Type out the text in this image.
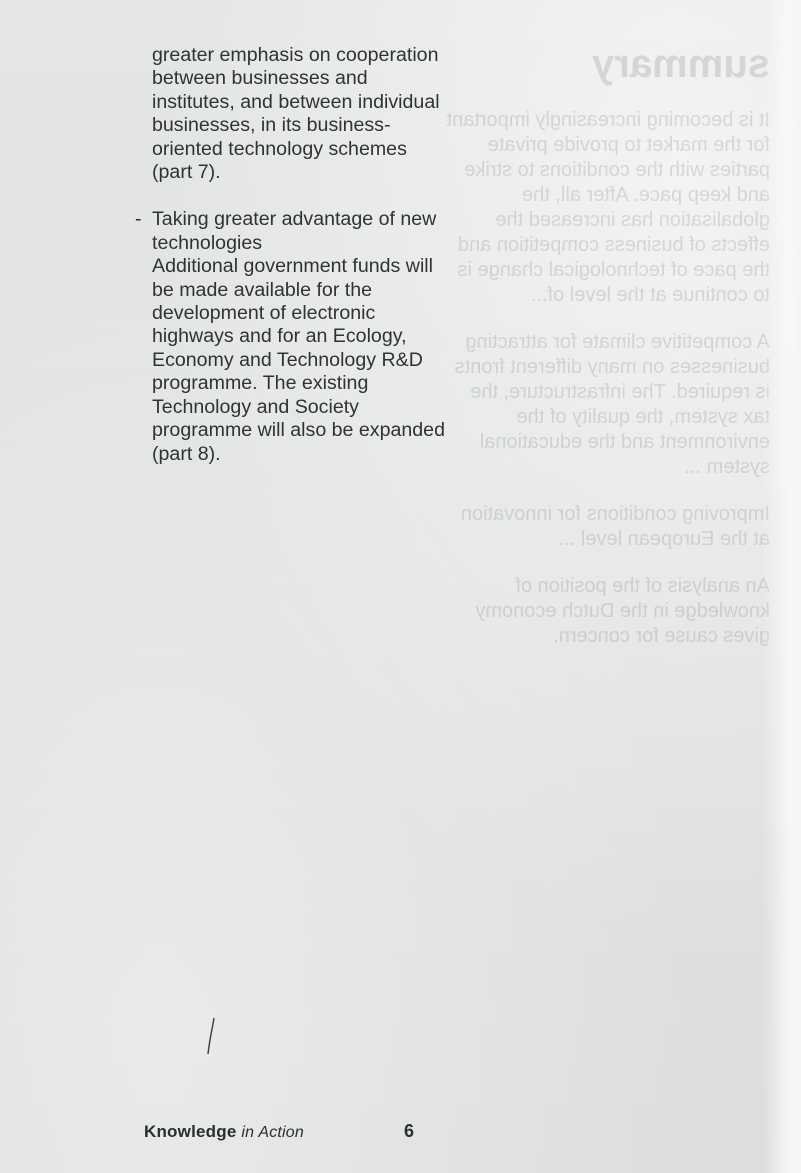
summary

It is becoming increasingly important for the market to provide private parties with the conditions to strike and keep pace. After all, the globalisation has increased the effects of business competition and the pace of technological change is to continue at the level of...

A competitive climate for attracting businesses on many different fronts is required. The infrastructure, the tax system, the quality of the environment and the educational system ...

Improving conditions for innovation at the European level ...

An analysis of the position of knowledge in the Dutch economy gives cause for concern.

greater emphasis on cooperation between businesses and institutes, and between individual businesses, in its business-oriented technology schemes (part 7).

- Taking greater advantage of new technologies

Additional government funds will be made available for the development of electronic highways and for an Ecology, Economy and Technology R&D programme. The existing Technology and Society programme will also be expanded (part 8).

Knowledge in Action	6
